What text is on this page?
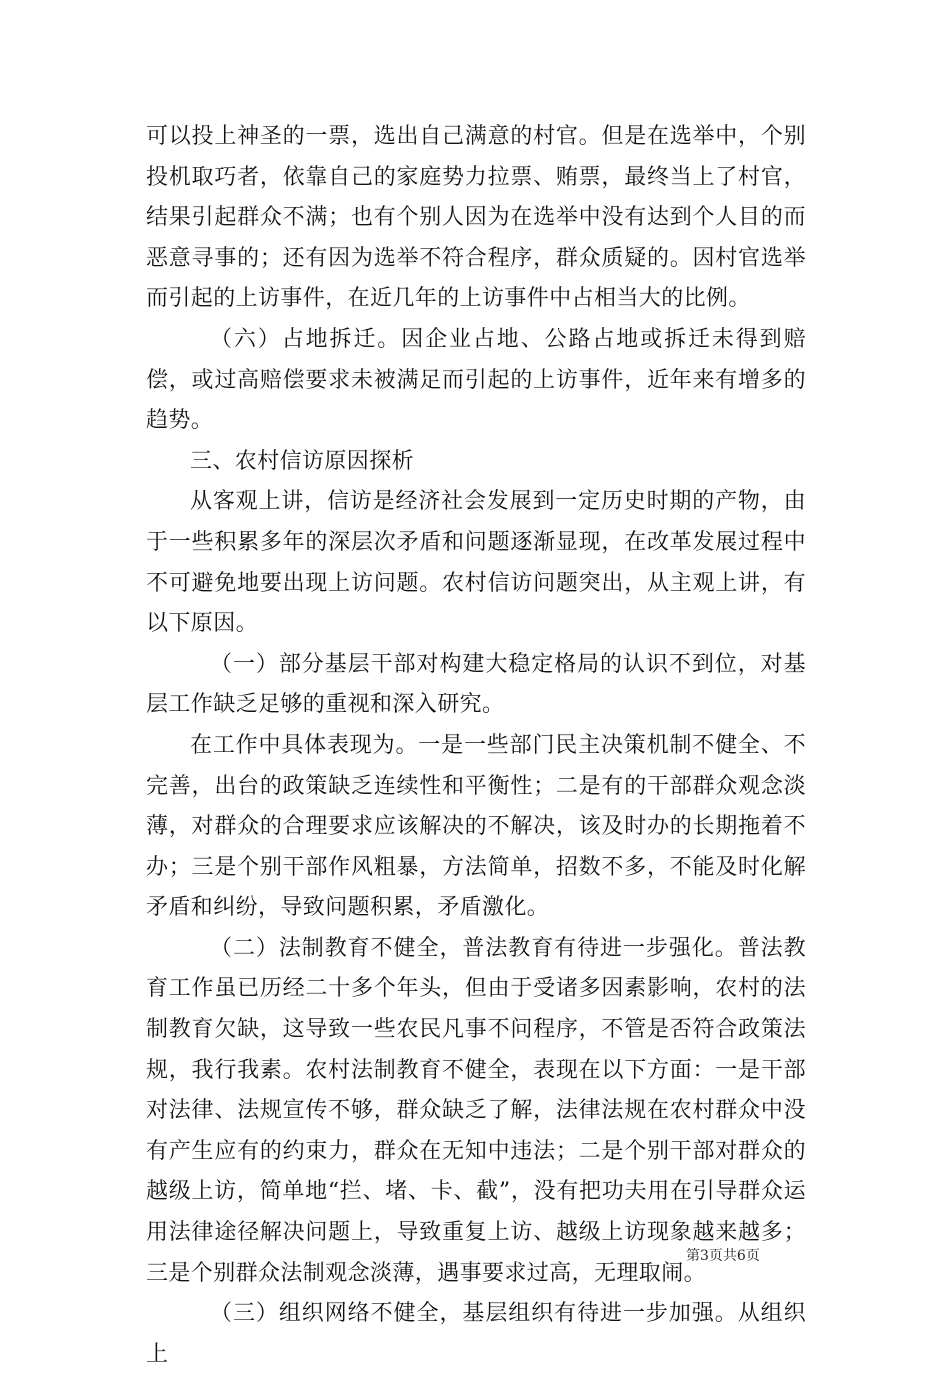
可以投上神圣的一票，选出自己满意的村官。但是在选举中，个别投机取巧者，依靠自己的家庭势力拉票、贿票，最终当上了村官，结果引起群众不满；也有个别人因为在选举中没有达到个人目的而恶意寻事的；还有因为选举不符合程序，群众质疑的。因村官选举而引起的上访事件，在近几年的上访事件中占相当大的比例。

（六）占地拆迁。因企业占地、公路占地或拆迁未得到赔偿，或过高赔偿要求未被满足而引起的上访事件，近年来有增多的趋势。

三、农村信访原因探析

从客观上讲，信访是经济社会发展到一定历史时期的产物，由于一些积累多年的深层次矛盾和问题逐渐显现，在改革发展过程中不可避免地要出现上访问题。农村信访问题突出，从主观上讲，有以下原因。

（一）部分基层干部对构建大稳定格局的认识不到位，对基层工作缺乏足够的重视和深入研究。

在工作中具体表现为。一是一些部门民主决策机制不健全、不完善，出台的政策缺乏连续性和平衡性；二是有的干部群众观念淡薄，对群众的合理要求应该解决的不解决，该及时办的长期拖着不办；三是个别干部作风粗暴，方法简单，招数不多，不能及时化解矛盾和纠纷，导致问题积累，矛盾激化。

（二）法制教育不健全，普法教育有待进一步强化。普法教育工作虽已历经二十多个年头，但由于受诸多因素影响，农村的法制教育欠缺，这导致一些农民凡事不问程序，不管是否符合政策法规，我行我素。农村法制教育不健全，表现在以下方面：一是干部对法律、法规宣传不够，群众缺乏了解，法律法规在农村群众中没有产生应有的约束力，群众在无知中违法；二是个别干部对群众的越级上访，简单地“拦、堵、卡、截”，没有把功夫用在引导群众运用法律途径解决问题上，导致重复上访、越级上访现象越来越多；三是个别群众法制观念淡薄，遇事要求过高，无理取闹。

（三）组织网络不健全，基层组织有待进一步加强。从组织上

第3页共6页
